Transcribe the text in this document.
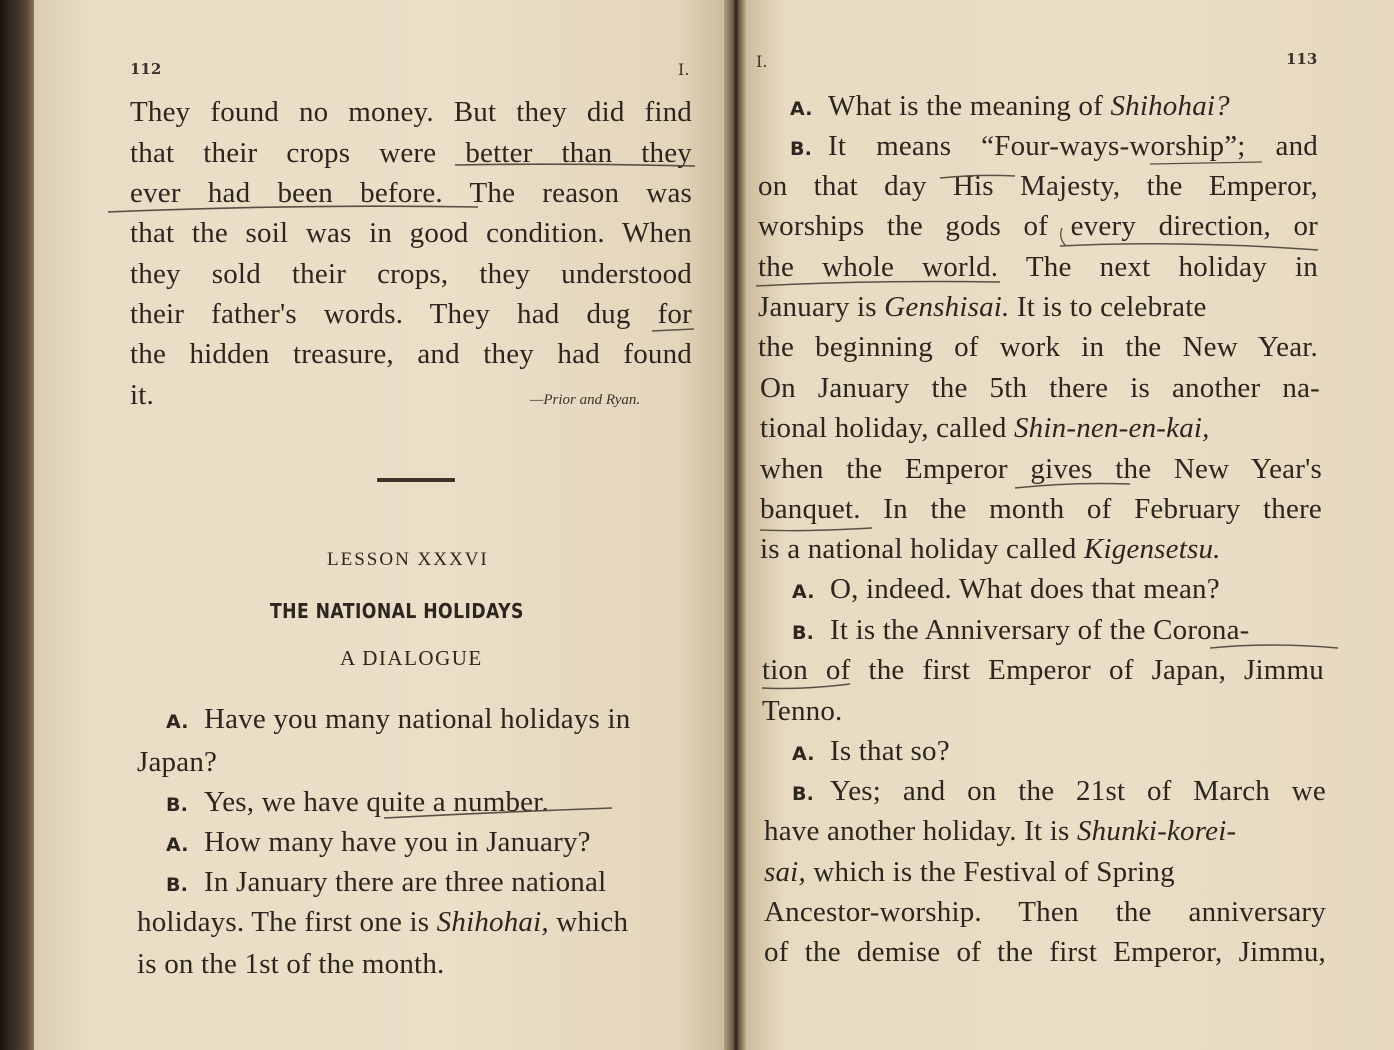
112	I.
They found no money. But they did find
that their crops were better than they
ever had been before. The reason was
that the soil was in good condition. When
they sold their crops, they understood
their father's words. They had dug for
the hidden treasure, and they had found
it.	—Prior and Ryan.
LESSON XXXVI
THE NATIONAL HOLIDAYS
A DIALOGUE
A. Have you many national holidays in
Japan?
B. Yes, we have quite a number.
A. How many have you in January?
B. In January there are three national
holidays. The first one is Shihohai, which
is on the 1st of the month.
I.	113
A. What is the meaning of Shihohai?
B. It means “Four-ways-worship”; and
on that day His Majesty, the Emperor,
worships the gods of every direction, or
the whole world. The next holiday in
January is Genshisai. It is to celebrate
the beginning of work in the New Year.
On January the 5th there is another na-
tional holiday, called Shin-nen-en-kai,
when the Emperor gives the New Year's
banquet. In the month of February there
is a national holiday called Kigensetsu.
A. O, indeed. What does that mean?
B. It is the Anniversary of the Corona-
tion of the first Emperor of Japan, Jimmu
Tenno.
A. Is that so?
B. Yes; and on the 21st of March we
have another holiday. It is Shunki-korei-
sai, which is the Festival of Spring
Ancestor-worship. Then the anniversary
of the demise of the first Emperor, Jimmu,
